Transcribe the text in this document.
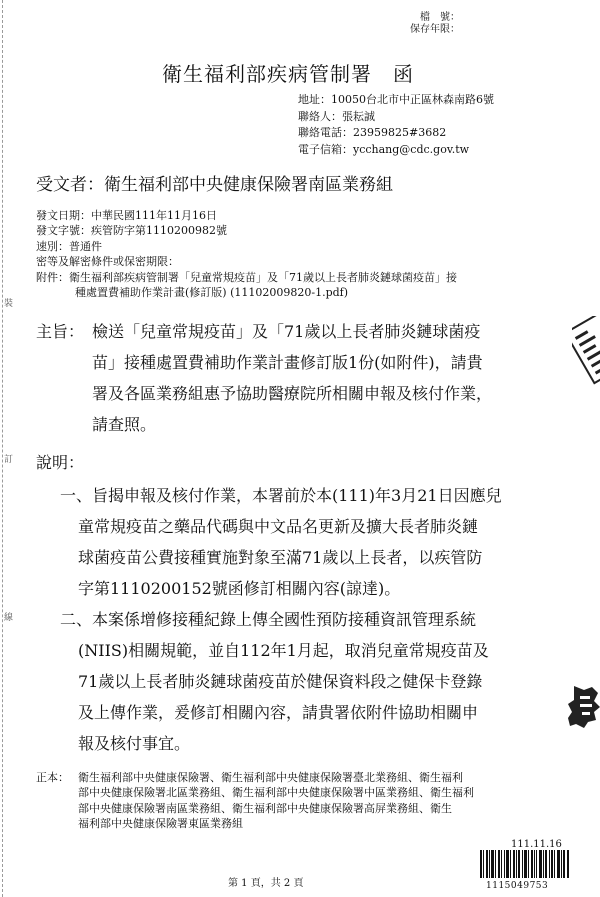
裝
訂
線
檔　號：
保存年限：
衛生福利部疾病管制署　函
地址：10050台北市中正區林森南路6號
聯絡人：張耘誠
聯絡電話：23959825#3682
電子信箱：ycchang@cdc.gov.tw
受文者：衛生福利部中央健康保險署南區業務組
發文日期：中華民國111年11月16日
發文字號：疾管防字第1110200982號
速別：普通件
密等及解密條件或保密期限：
附件：衛生福利部疾病管制署「兒童常規疫苗」及「71歲以上長者肺炎鏈球菌疫苗」接
種處置費補助作業計畫(修訂版) (11102009820-1.pdf)
主旨： 檢送「兒童常規疫苗」及「71歲以上長者肺炎鏈球菌疫
苗」接種處置費補助作業計畫修訂版1份(如附件)，請貴
署及各區業務組惠予協助醫療院所相關申報及核付作業，
請查照。
說明：
一、 旨揭申報及核付作業，本署前於本(111)年3月21日因應兒
童常規疫苗之藥品代碼與中文品名更新及擴大長者肺炎鏈
球菌疫苗公費接種實施對象至滿71歲以上長者，以疾管防
字第1110200152號函修訂相關內容(諒達)。
二、 本案係增修接種紀錄上傳全國性預防接種資訊管理系統
(NIIS)相關規範，並自112年1月起，取消兒童常規疫苗及
71歲以上長者肺炎鏈球菌疫苗於健保資料段之健保卡登錄
及上傳作業，爰修訂相關內容，請貴署依附件協助相關申
報及核付事宜。
正本： 衛生福利部中央健康保險署、衛生福利部中央健康保險署臺北業務組、衛生福利
部中央健康保險署北區業務組、衛生福利部中央健康保險署中區業務組、衛生福利
部中央健康保險署南區業務組、衛生福利部中央健康保險署高屏業務組、衛生
福利部中央健康保險署東區業務組
111.11.16
第 1 頁，共 2 頁	1115049753
